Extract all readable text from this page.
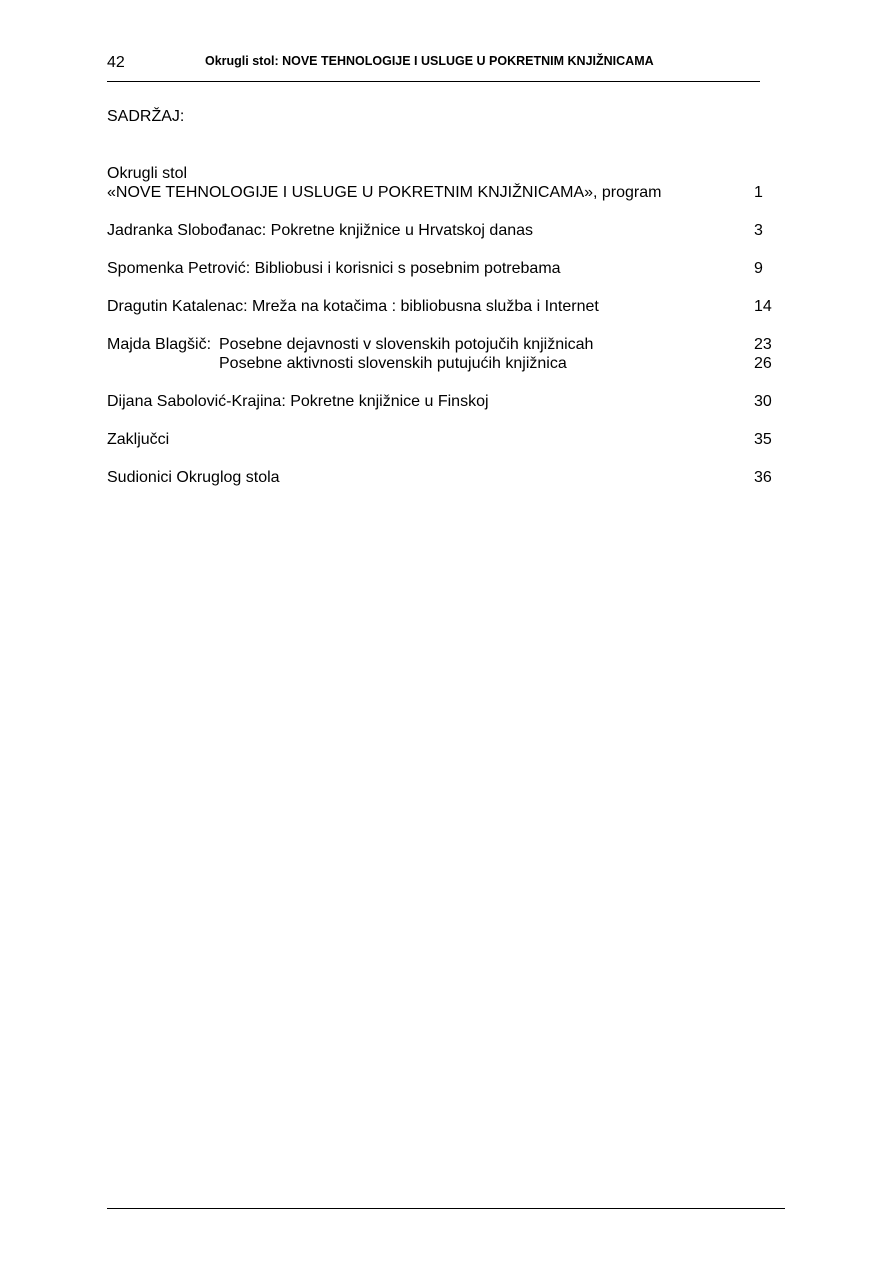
42	Okrugli stol: NOVE TEHNOLOGIJE I USLUGE U POKRETNIM KNJIŽNICAMA
SADRŽAJ:
Okrugli stol
«NOVE TEHNOLOGIJE I USLUGE U POKRETNIM KNJIŽNICAMA», program	1
Jadranka Slobođanac: Pokretne knjižnice u Hrvatskoj danas	3
Spomenka Petrović: Bibliobusi i korisnici s posebnim potrebama	9
Dragutin Katalenac: Mreža na kotačima : bibliobusna služba i Internet	14
Majda Blagšič: Posebne dejavnosti v slovenskih potojučih knjižnicah	23
Posebne aktivnosti slovenskih putujućih knjižnica	26
Dijana Sabolović-Krajina: Pokretne knjižnice u Finskoj	30
Zaključci	35
Sudionici Okruglog stola	36
